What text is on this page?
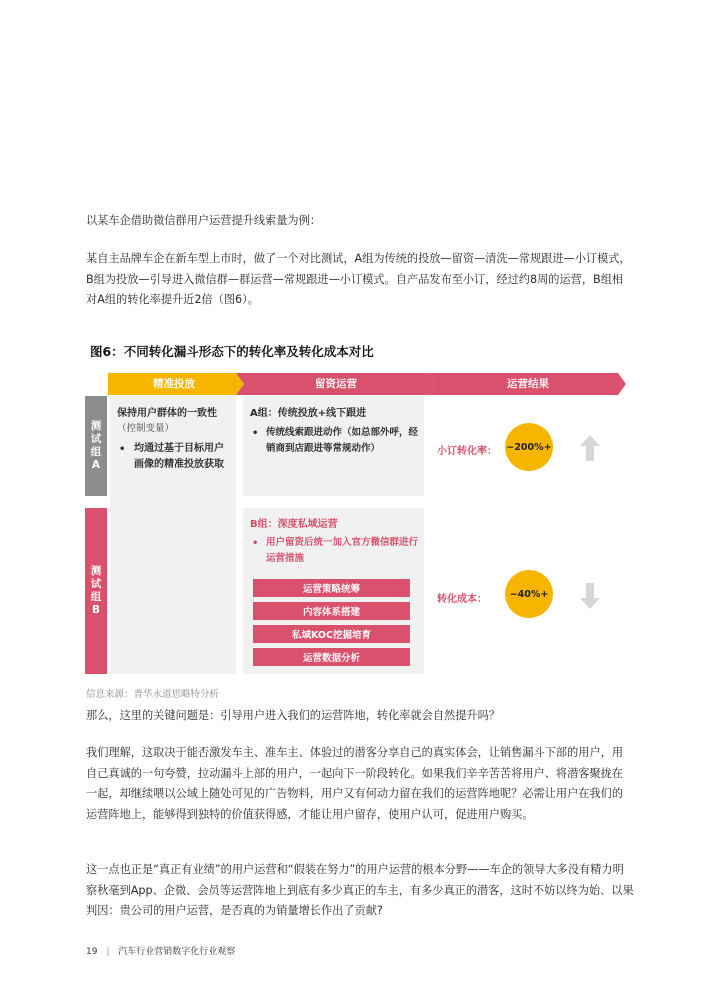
以某车企借助微信群用户运营提升线索量为例：

某自主品牌车企在新车型上市时，做了一个对比测试，A组为传统的投放—留资—清洗—常规跟进—小订模式，B组为投放—引导进入微信群—群运营—常规跟进—小订模式。自产品发布至小订，经过约8周的运营，B组相对A组的转化率提升近2倍（图6）。

图6：不同转化漏斗形态下的转化率及转化成本对比
精准投放	留资运营	运营结果
测
试
组
A
测
试
组
B
保持用户群体的一致性
（控制变量）
• 均通过基于目标用户画像的精准投放获取
A组：传统投放+线下跟进
• 传统线索跟进动作（如总部外呼，经销商到店跟进等常规动作）
B组：深度私域运营
• 用户留资后统一加入官方微信群进行运营措施
运营策略统筹
内容体系搭建
私域KOC挖掘培育
运营数据分析
小订转化率： ~200%+
转化成本： ~40%+
信息来源：普华永道思略特分析

那么，这里的关键问题是：引导用户进入我们的运营阵地，转化率就会自然提升吗？

我们理解，这取决于能否激发车主、准车主、体验过的潜客分享自己的真实体会，让销售漏斗下部的用户，用自己真诚的一句夸赞，拉动漏斗上部的用户，一起向下一阶段转化。如果我们辛辛苦苦将用户、将潜客聚拢在一起，却继续喂以公域上随处可见的广告物料，用户又有何动力留在我们的运营阵地呢？必需让用户在我们的运营阵地上，能够得到独特的价值获得感，才能让用户留存，使用户认可，促进用户购买。

这一点也正是“真正有业绩”的用户运营和“假装在努力”的用户运营的根本分野——车企的领导大多没有精力明察秋毫到App、企微、会员等运营阵地上到底有多少真正的车主，有多少真正的潜客，这时不妨以终为始、以果判因：贵公司的用户运营，是否真的为销量增长作出了贡献?

19 | 汽车行业营销数字化行业观察
